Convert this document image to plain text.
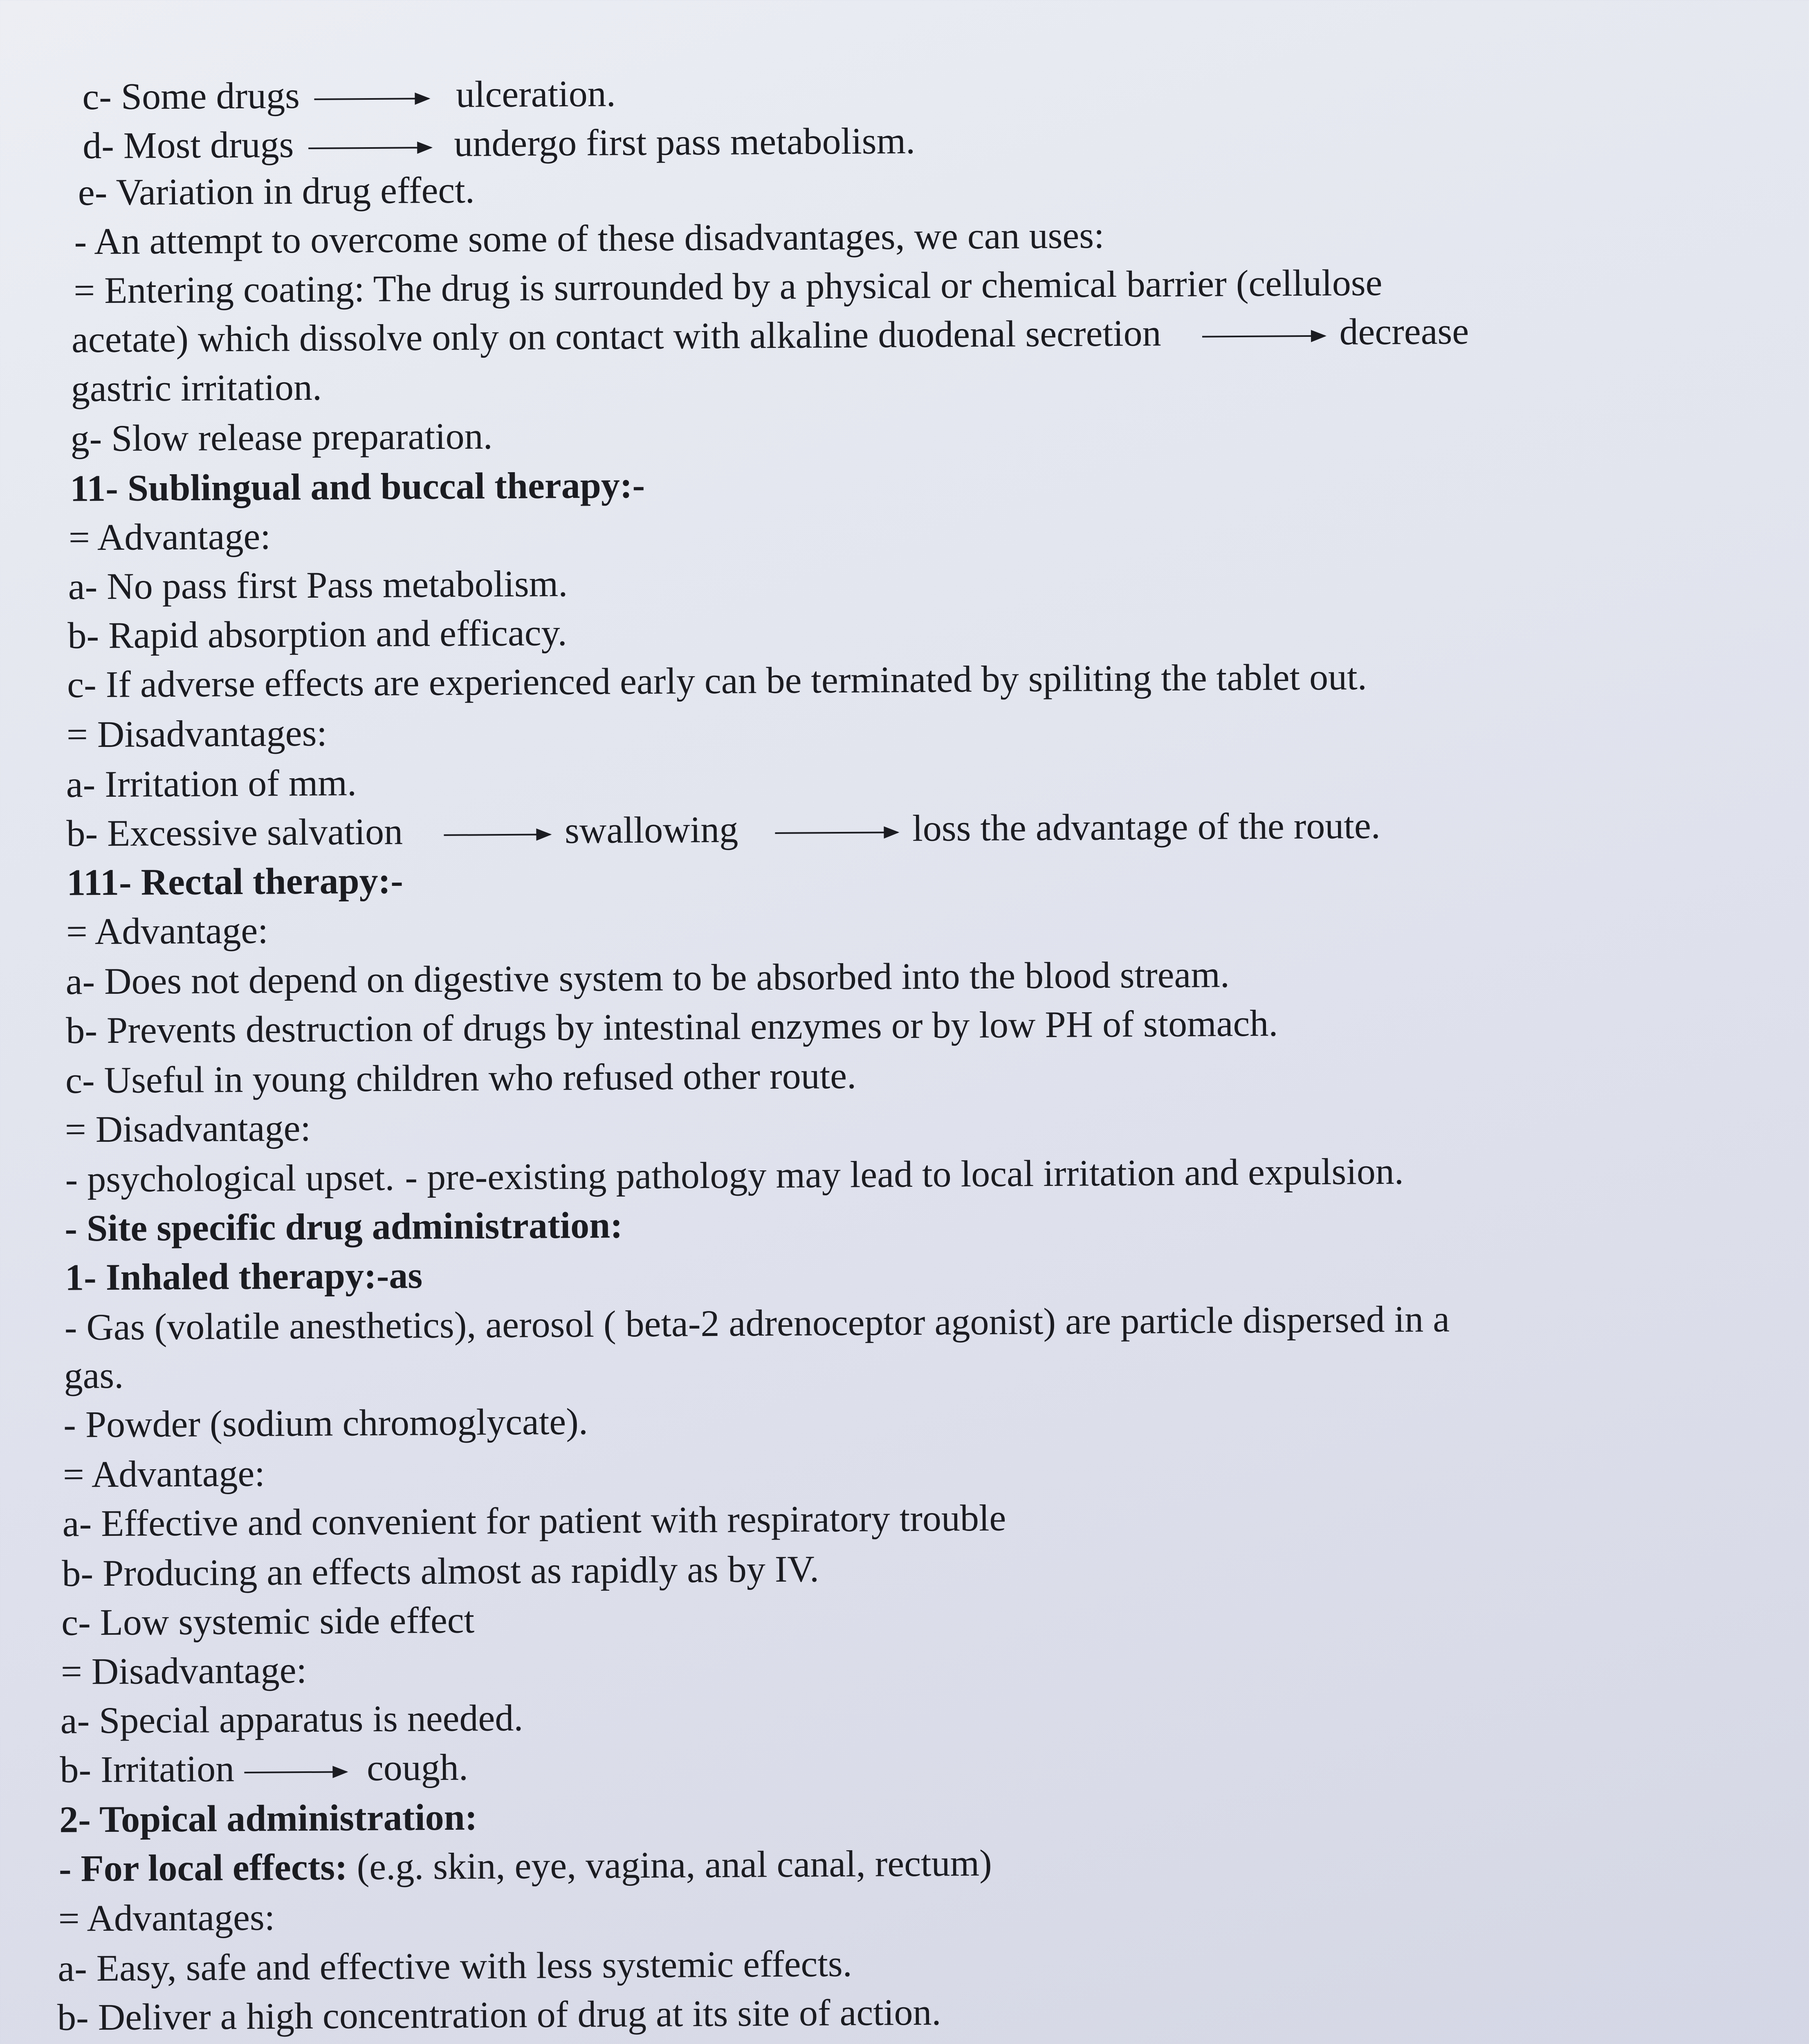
c- Some drugs	ulceration.
d- Most drugs	undergo first pass metabolism.
e- Variation in drug effect.
- An attempt to overcome some of these disadvantages, we can uses:
= Entering coating: The drug is surrounded by a physical or chemical barrier (cellulose
acetate) which dissolve only on contact with alkaline duodenal secretion	decrease
gastric irritation.
g- Slow release preparation.
11- Sublingual and buccal therapy:-
= Advantage:
a- No pass first Pass metabolism.
b- Rapid absorption and efficacy.
c- If adverse effects are experienced early can be terminated by spiliting the tablet out.
= Disadvantages:
a- Irritation of mm.
b- Excessive salvation	swallowing	loss the advantage of the route.
111- Rectal therapy:-
= Advantage:
a- Does not depend on digestive system to be absorbed into the blood stream.
b- Prevents destruction of drugs by intestinal enzymes or by low PH of stomach.
c- Useful in young children who refused other route.
= Disadvantage:
- psychological upset. - pre-existing pathology may lead to local irritation and expulsion.
- Site specific drug administration:
1- Inhaled therapy:-as
- Gas (volatile anesthetics), aerosol ( beta-2 adrenoceptor agonist) are particle dispersed in a
gas.
- Powder (sodium chromoglycate).
= Advantage:
a- Effective and convenient for patient with respiratory trouble
b- Producing an effects almost as rapidly as by IV.
c- Low systemic side effect
= Disadvantage:
a- Special apparatus is needed.
b- Irritation	cough.
2- Topical administration:
- For local effects: (e.g. skin, eye, vagina, anal canal, rectum)
= Advantages:
a- Easy, safe and effective with less systemic effects.
b- Deliver a high concentration of drug at its site of action.
